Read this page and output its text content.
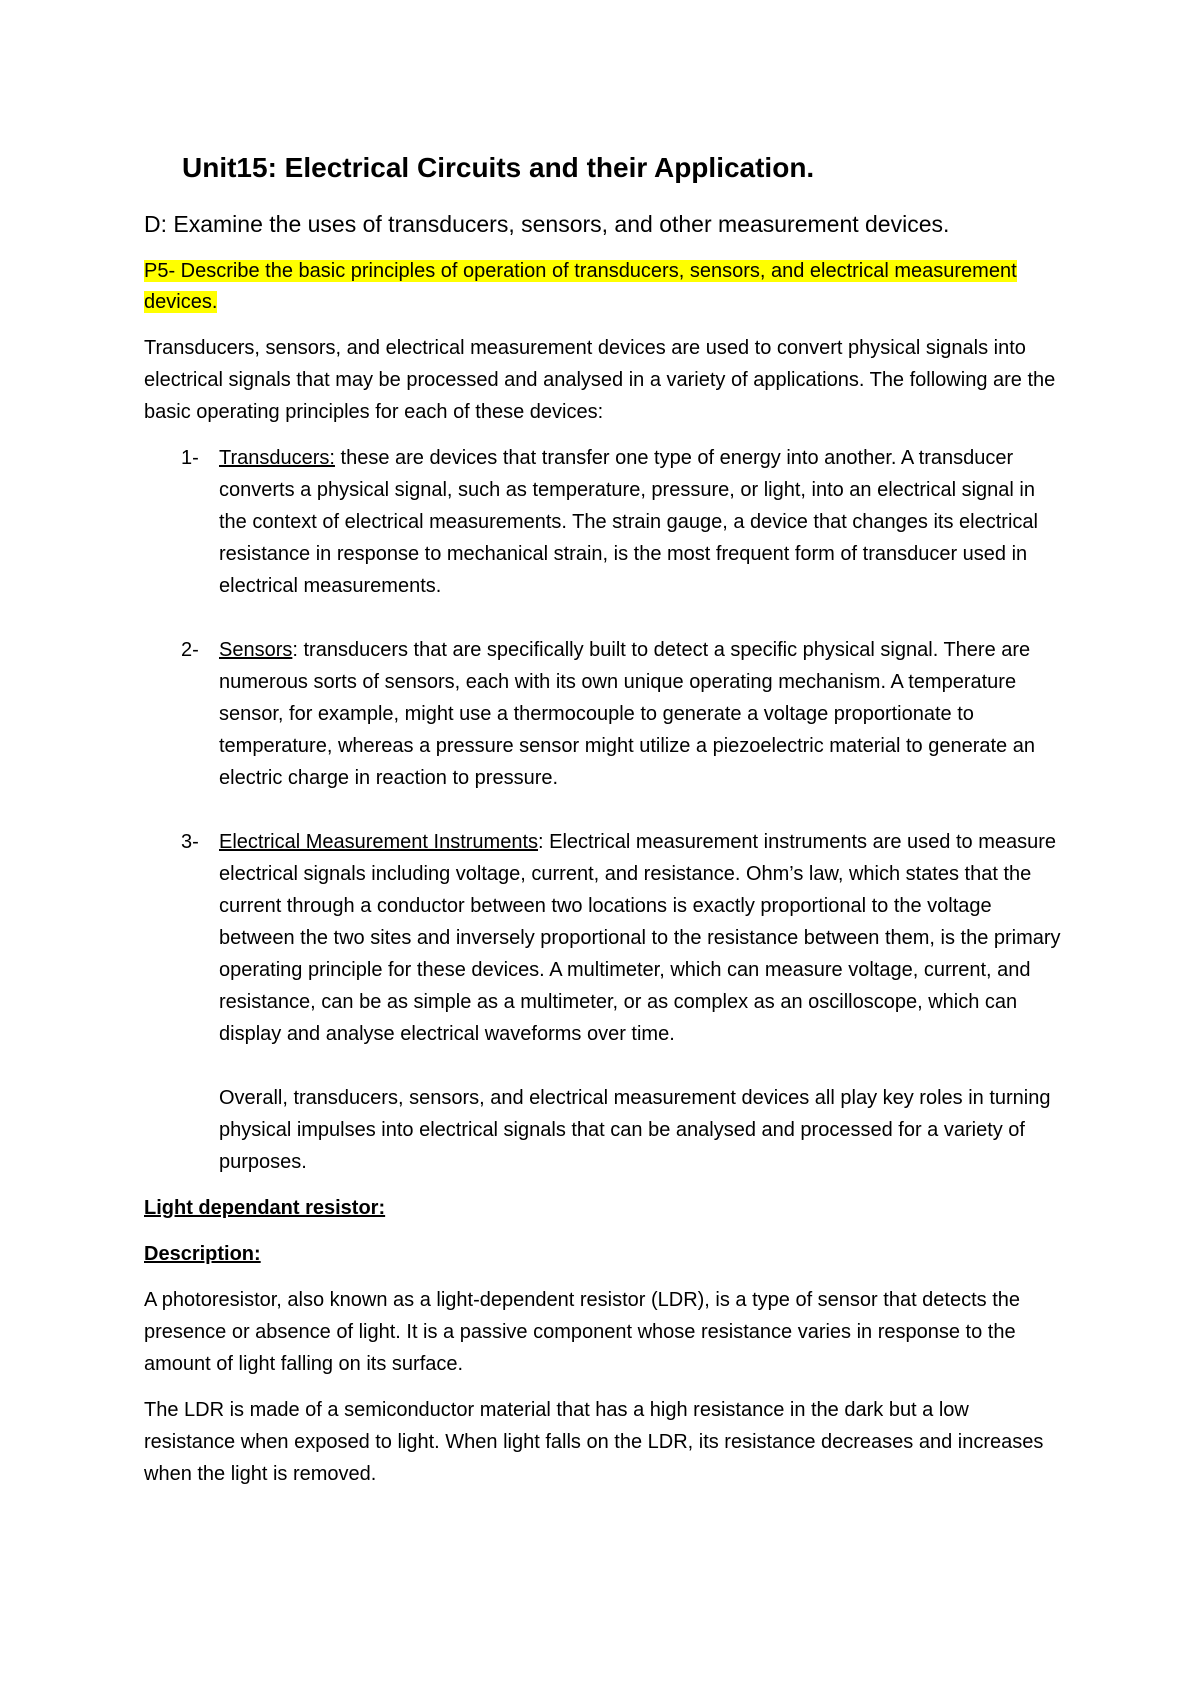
Unit15: Electrical Circuits and their Application.

D: Examine the uses of transducers, sensors, and other measurement devices.

P5- Describe the basic principles of operation of transducers, sensors, and electrical measurement devices.

Transducers, sensors, and electrical measurement devices are used to convert physical signals into electrical signals that may be processed and analysed in a variety of applications. The following are the basic operating principles for each of these devices:

1- Transducers: these are devices that transfer one type of energy into another. A transducer converts a physical signal, such as temperature, pressure, or light, into an electrical signal in the context of electrical measurements. The strain gauge, a device that changes its electrical resistance in response to mechanical strain, is the most frequent form of transducer used in electrical measurements.
2- Sensors: transducers that are specifically built to detect a specific physical signal. There are numerous sorts of sensors, each with its own unique operating mechanism. A temperature sensor, for example, might use a thermocouple to generate a voltage proportionate to temperature, whereas a pressure sensor might utilize a piezoelectric material to generate an electric charge in reaction to pressure.
3- Electrical Measurement Instruments: Electrical measurement instruments are used to measure electrical signals including voltage, current, and resistance. Ohm’s law, which states that the current through a conductor between two locations is exactly proportional to the voltage between the two sites and inversely proportional to the resistance between them, is the primary operating principle for these devices. A multimeter, which can measure voltage, current, and resistance, can be as simple as a multimeter, or as complex as an oscilloscope, which can display and analyse electrical waveforms over time.

Overall, transducers, sensors, and electrical measurement devices all play key roles in turning physical impulses into electrical signals that can be analysed and processed for a variety of purposes.

Light dependant resistor:

Description:

A photoresistor, also known as a light-dependent resistor (LDR), is a type of sensor that detects the presence or absence of light. It is a passive component whose resistance varies in response to the amount of light falling on its surface.

The LDR is made of a semiconductor material that has a high resistance in the dark but a low resistance when exposed to light. When light falls on the LDR, its resistance decreases and increases when the light is removed.
